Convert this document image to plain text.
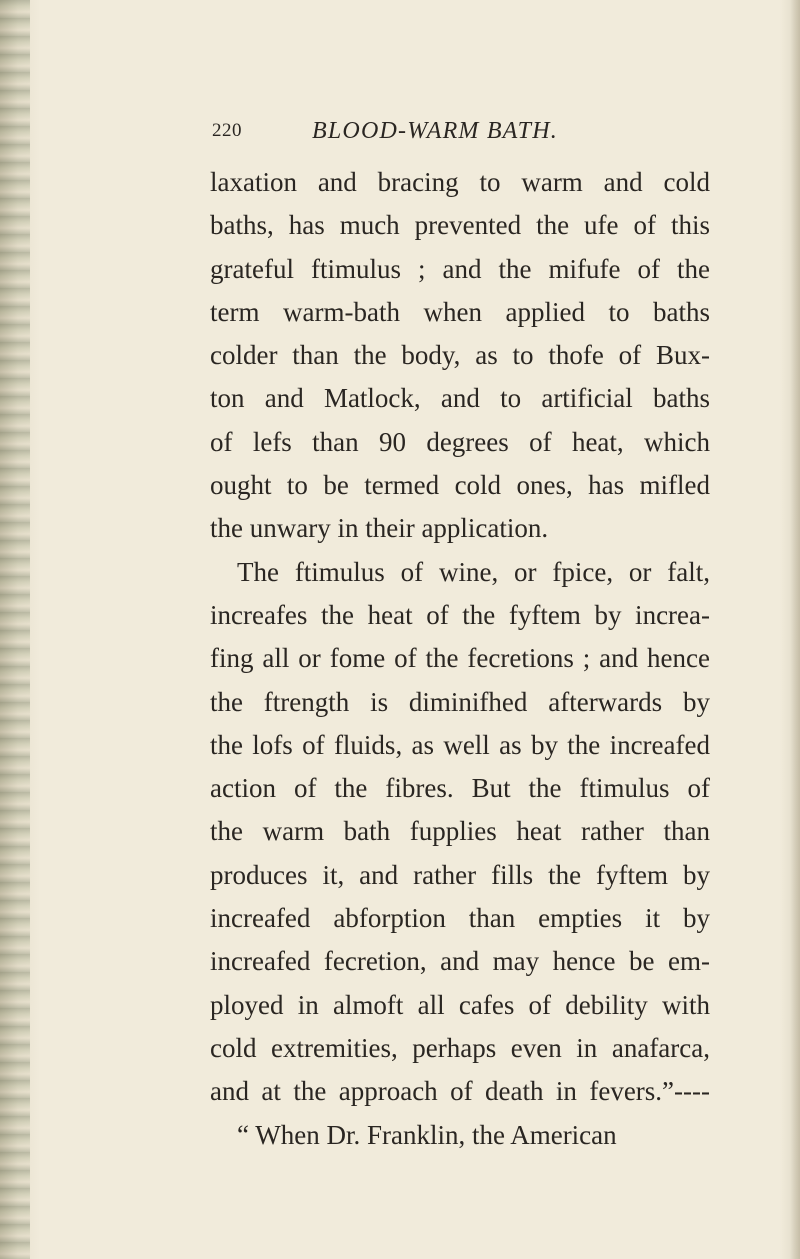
220	BLOOD-WARM BATH.
laxation and bracing to warm and cold
baths, has much prevented the ufe of this
grateful ftimulus ; and the mifufe of the
term warm-bath when applied to baths
colder than the body, as to thofe of Bux-
ton and Matlock, and to artificial baths
of lefs than 90 degrees of heat, which
ought to be termed cold ones, has mifled
the unwary in their application.
The ftimulus of wine, or fpice, or falt,
increafes the heat of the fyftem by increa-
fing all or fome of the fecretions ; and hence
the ftrength is diminifhed afterwards by
the lofs of fluids, as well as by the increafed
action of the fibres. But the ftimulus of
the warm bath fupplies heat rather than
produces it, and rather fills the fyftem by
increafed abforption than empties it by
increafed fecretion, and may hence be em-
ployed in almoft all cafes of debility with
cold extremities, perhaps even in anafarca,
and at the approach of death in fevers.”----
“ When Dr. Franklin, the American
